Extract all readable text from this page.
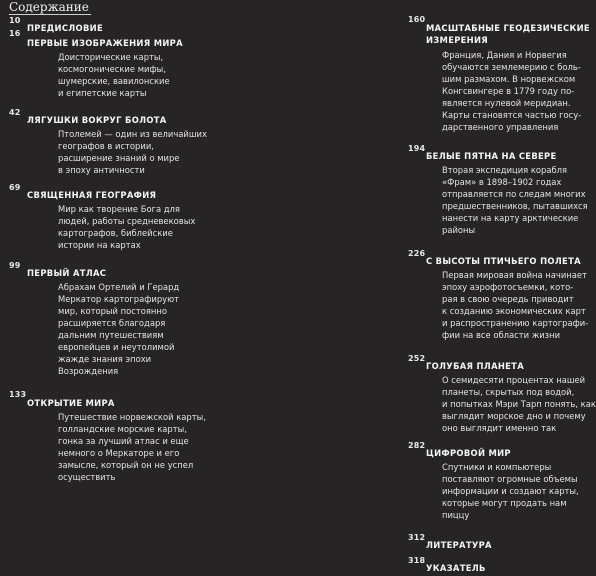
Содержание
10
ПРЕДИСЛОВИЕ
16
ПЕРВЫЕ ИЗОБРАЖЕНИЯ МИРА
Доисторические карты,
космогонические мифы,
шумерские, вавилонские
и египетские карты
42
ЛЯГУШКИ ВОКРУГ БОЛОТА
Птолемей — один из величайших
географов в истории,
расширение знаний о мире
в эпоху античности
69
СВЯЩЕННАЯ ГЕОГРАФИЯ
Мир как творение Бога для
людей, работы средневековых
картографов, библейские
истории на картах
99
ПЕРВЫЙ АТЛАС
Абрахам Ортелий и Герард
Меркатор картографируют
мир, который постоянно
расширяется благодаря
дальним путешествиям
европейцев и неутолимой
жажде знания эпохи
Возрождения
133
ОТКРЫТИЕ МИРА
Путешествие норвежской карты,
голландские морские карты,
гонка за лучший атлас и еще
немного о Меркаторе и его
замысле, который он не успел
осуществить
160
МАСШТАБНЫЕ ГЕОДЕЗИЧЕСКИЕ
ИЗМЕРЕНИЯ
Франция, Дания и Норвегия
обучаются землемерию с боль-
шим размахом. В норвежском
Конгсвингере в 1779 году по-
является нулевой меридиан.
Карты становятся частью госу-
дарственного управления
194
БЕЛЫЕ ПЯТНА НА СЕВЕРЕ
Вторая экспедиция корабля
«Фрам» в 1898–1902 годах
отправляется по следам многих
предшественников, пытавшихся
нанести на карту арктические
районы
226
С ВЫСОТЫ ПТИЧЬЕГО ПОЛЕТА
Первая мировая война начинает
эпоху аэрофотосъемки, кото-
рая в свою очередь приводит
к созданию экономических карт
и распространению картографи-
фии на все области жизни
252
ГОЛУБАЯ ПЛАНЕТА
О семидесяти процентах нашей
планеты, скрытых под водой,
и попытках Мэри Тарп понять, как
выглядит морское дно и почему
оно выглядит именно так
282
ЦИФРОВОЙ МИР
Спутники и компьютеры
поставляют огромные объемы
информации и создают карты,
которые могут продать нам
пиццу
312
ЛИТЕРАТУРА
318
УКАЗАТЕЛЬ
